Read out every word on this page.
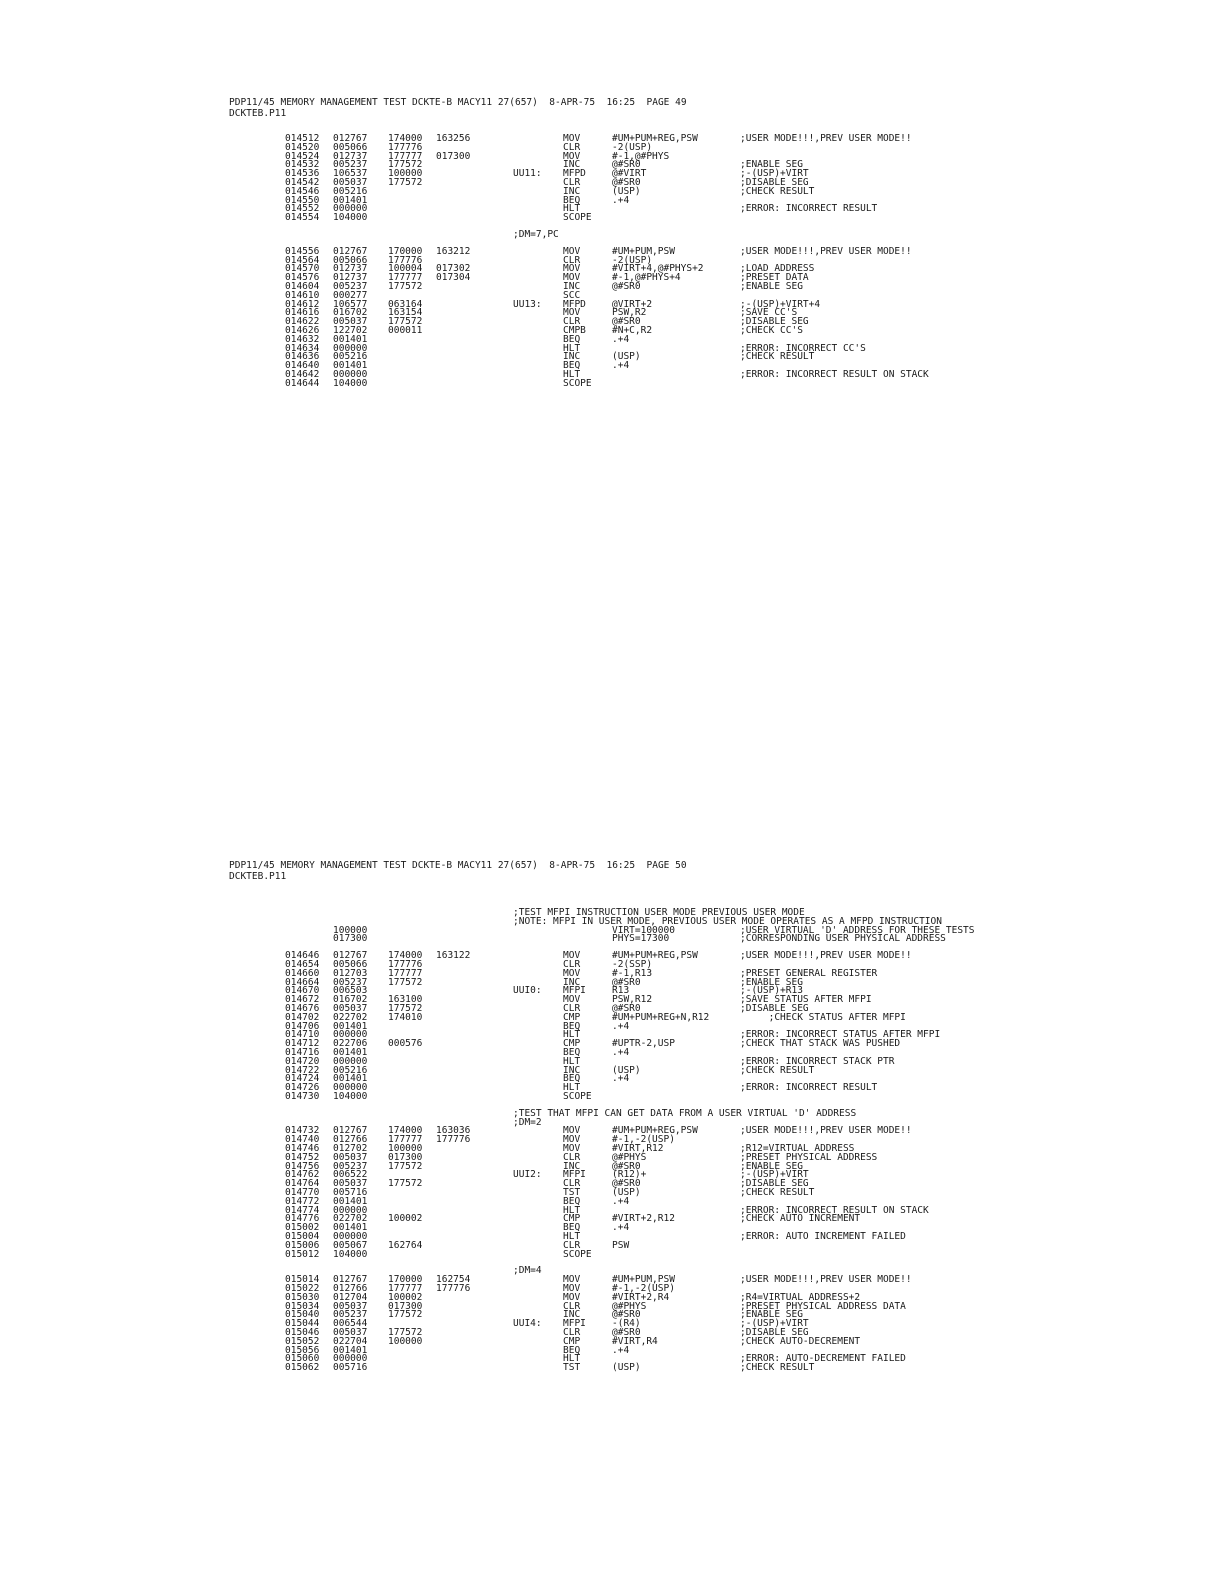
PDP11/45 MEMORY MANAGEMENT TEST DCKTE-B MACY11 27(657)  8-APR-75  16:25  PAGE 49
DCKTEB.P11
014512 012767 174000 163256	MOV	#UM+PUM+REG,PSW	;USER MODE!!!,PREV USER MODE!!
014520 005066 177776	CLR	-2(USP)
014524 012737 177777 017300	MOV	#-1,@#PHYS
014532 005237 177572	INC	@#SR0	;ENABLE SEG
014536 106537 100000	UU11: MFPD	@#VIRT	;-(USP)+VIRT
014542 005037 177572	CLR	@#SR0	;DISABLE SEG
014546 005216	INC	(USP)	;CHECK RESULT
014550 001401	BEQ	.+4
014552 000000	HLT	;ERROR: INCORRECT RESULT
014554 104000	SCOPE
;DM=7,PC
014556 012767 170000 163212	MOV	#UM+PUM,PSW	;USER MODE!!!,PREV USER MODE!!
014564 005066 177776	CLR	-2(USP)
014570 012737 100004 017302	MOV	#VIRT+4,@#PHYS+2	;LOAD ADDRESS
014576 012737 177777 017304	MOV	#-1,@#PHYS+4	;PRESET DATA
014604 005237 177572	INC	@#SR0	;ENABLE SEG
014610 000277	SCC
014612 106577 063164	UU13: MFPD	@VIRT+2	;-(USP)+VIRT+4
014616 016702 163154	MOV	PSW,R2	;SAVE CC'S
014622 005037 177572	CLR	@#SR0	;DISABLE SEG
014626 122702 000011	CMPB	#N+C,R2	;CHECK CC'S
014632 001401	BEQ	.+4
014634 000000	HLT	;ERROR: INCORRECT CC'S
014636 005216	INC	(USP)	;CHECK RESULT
014640 001401	BEQ	.+4
014642 000000	HLT	;ERROR: INCORRECT RESULT ON STACK
014644 104000	SCOPE
PDP11/45 MEMORY MANAGEMENT TEST DCKTE-B MACY11 27(657)  8-APR-75  16:25  PAGE 50
DCKTEB.P11
;TEST MFPI INSTRUCTION USER MODE PREVIOUS USER MODE
;NOTE: MFPI IN USER MODE, PREVIOUS USER MODE OPERATES AS A MFPD INSTRUCTION
100000	VIRT=100000	;USER VIRTUAL 'D' ADDRESS FOR THESE TESTS
017300	PHYS=17300	;CORRESPONDING USER PHYSICAL ADDRESS
014646 012767 174000 163122	MOV	#UM+PUM+REG,PSW	;USER MODE!!!,PREV USER MODE!!
014654 005066 177776	CLR	-2(SSP)
014660 012703 177777	MOV	#-1,R13	;PRESET GENERAL REGISTER
014664 005237 177572	INC	@#SR0	;ENABLE SEG
014670 006503	UUI0: MFPI	R13	;-(USP)+R13
014672 016702 163100	MOV	PSW,R12	;SAVE STATUS AFTER MFPI
014676 005037 177572	CLR	@#SR0	;DISABLE SEG
014702 022702 174010	CMP	#UM+PUM+REG+N,R12	;CHECK STATUS AFTER MFPI
014706 001401	BEQ	.+4
014710 000000	HLT	;ERROR: INCORRECT STATUS AFTER MFPI
014712 022706 000576	CMP	#UPTR-2,USP	;CHECK THAT STACK WAS PUSHED
014716 001401	BEQ	.+4
014720 000000	HLT	;ERROR: INCORRECT STACK PTR
014722 005216	INC	(USP)	;CHECK RESULT
014724 001401	BEQ	.+4
014726 000000	HLT	;ERROR: INCORRECT RESULT
014730 104000	SCOPE
;TEST THAT MFPI CAN GET DATA FROM A USER VIRTUAL 'D' ADDRESS
;DM=2
014732 012767 174000 163036	MOV	#UM+PUM+REG,PSW	;USER MODE!!!,PREV USER MODE!!
014740 012766 177777 177776	MOV	#-1,-2(USP)
014746 012702 100000	MOV	#VIRT,R12	;R12=VIRTUAL ADDRESS
014752 005037 017300	CLR	@#PHYS	;PRESET PHYSICAL ADDRESS
014756 005237 177572	INC	@#SR0	;ENABLE SEG
014762 006522	UUI2: MFPI	(R12)+	;-(USP)+VIRT
014764 005037 177572	CLR	@#SR0	;DISABLE SEG
014770 005716	TST	(USP)	;CHECK RESULT
014772 001401	BEQ	.+4
014774 000000	HLT	;ERROR: INCORRECT RESULT ON STACK
014776 022702 100002	CMP	#VIRT+2,R12	;CHECK AUTO INCREMENT
015002 001401	BEQ	.+4
015004 000000	HLT	;ERROR: AUTO INCREMENT FAILED
015006 005067 162764	CLR	PSW
015012 104000	SCOPE
;DM=4
015014 012767 170000 162754	MOV	#UM+PUM,PSW	;USER MODE!!!,PREV USER MODE!!
015022 012766 177777 177776	MOV	#-1,-2(USP)
015030 012704 100002	MOV	#VIRT+2,R4	;R4=VIRTUAL ADDRESS+2
015034 005037 017300	CLR	@#PHYS	;PRESET PHYSICAL ADDRESS DATA
015040 005237 177572	INC	@#SR0	;ENABLE SEG
015044 006544	UUI4: MFPI	-(R4)	;-(USP)+VIRT
015046 005037 177572	CLR	@#SR0	;DISABLE SEG
015052 022704 100000	CMP	#VIRT,R4	;CHECK AUTO-DECREMENT
015056 001401	BEQ	.+4
015060 000000	HLT	;ERROR: AUTO-DECREMENT FAILED
015062 005716	TST	(USP)	;CHECK RESULT
